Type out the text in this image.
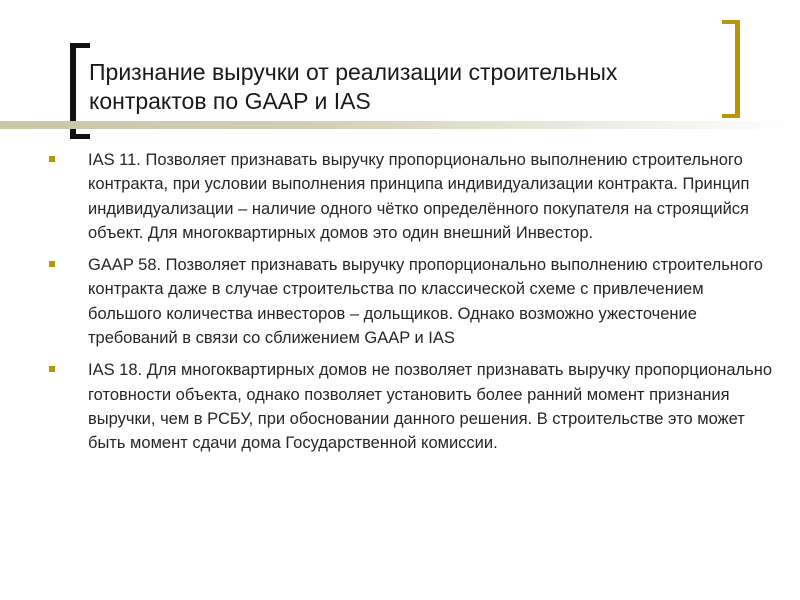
Признание выручки от реализации строительных контрактов по GAAP и IAS
IAS 11. Позволяет признавать выручку пропорционально выполнению строительного контракта, при условии выполнения принципа индивидуализации контракта. Принцип индивидуализации – наличие одного чётко определённого покупателя на строящийся объект. Для многоквартирных домов это один внешний Инвестор.
GAAP 58. Позволяет признавать выручку пропорционально выполнению строительного контракта даже в случае строительства по классической схеме с привлечением большого количества инвесторов – дольщиков. Однако возможно ужесточение требований в связи со сближением GAAP и IAS
IAS 18. Для многоквартирных домов не позволяет признавать выручку пропорционально готовности объекта, однако позволяет установить более ранний момент признания выручки, чем в РСБУ, при обосновании данного решения. В строительстве это может быть момент сдачи дома Государственной комиссии.
